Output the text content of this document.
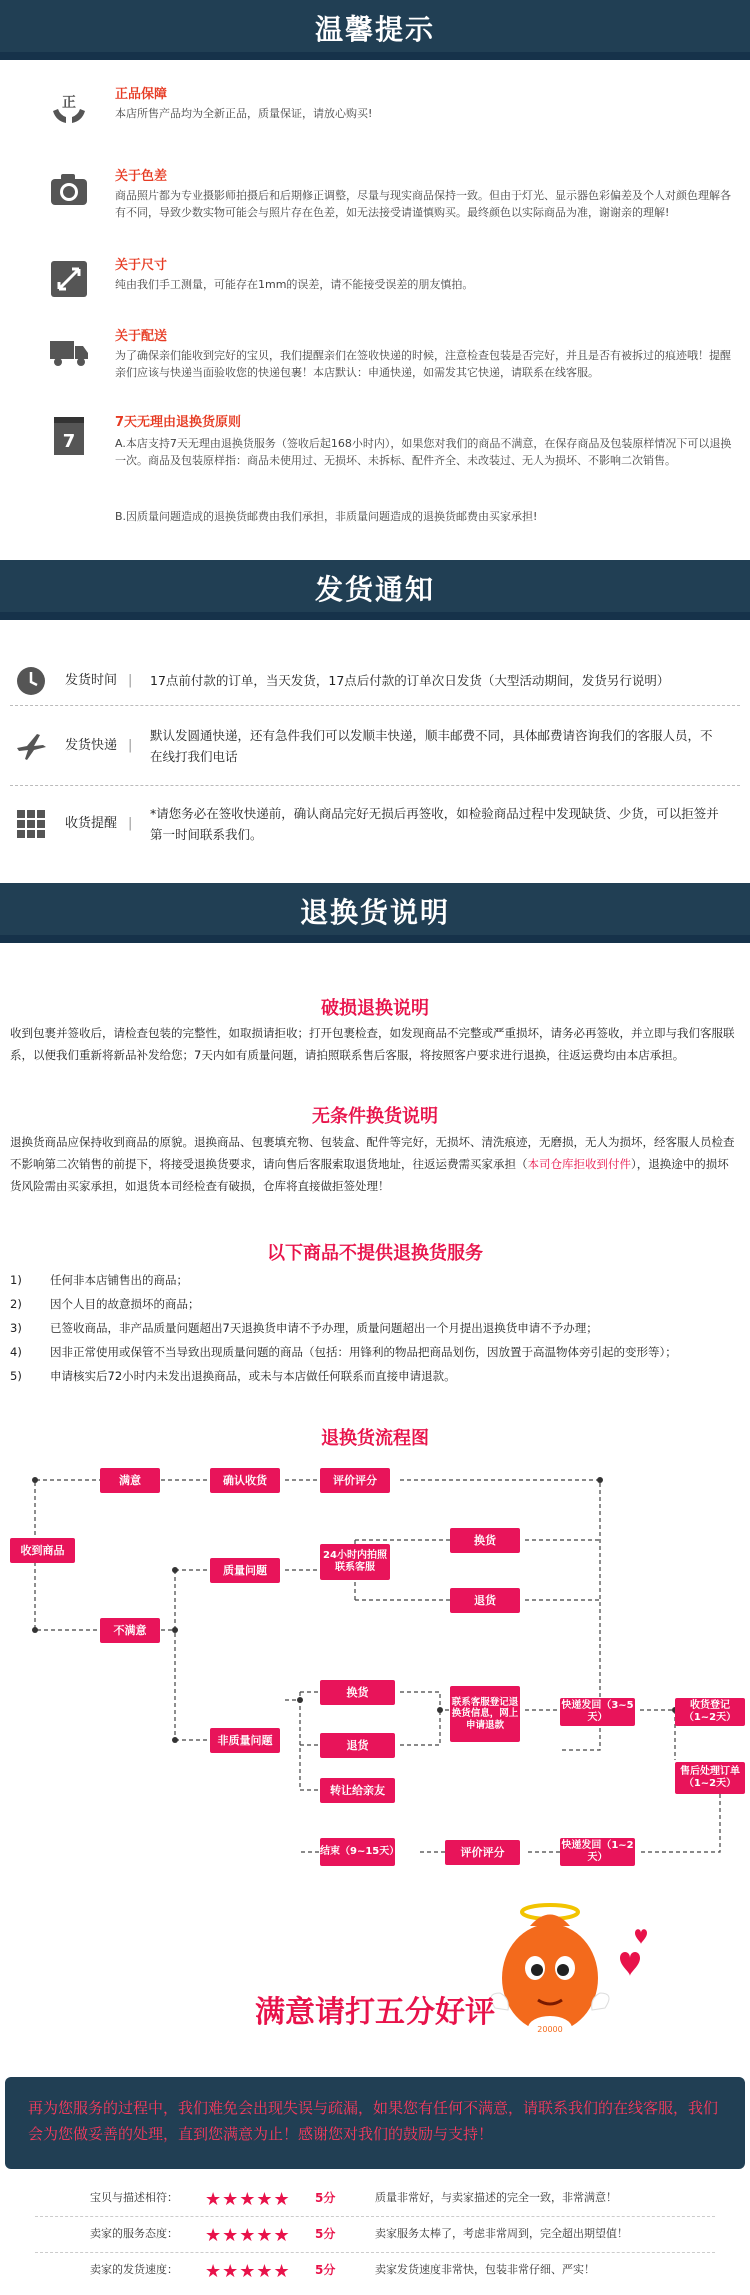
温馨提示
正
正品保障
本店所售产品均为全新正品，质量保证，请放心购买!
关于色差
商品照片都为专业摄影师拍摄后和后期修正调整，尽量与现实商品保持一致。但由于灯光、显示器色彩偏差及个人对颜色理解各有不同，导致少数实物可能会与照片存在色差，如无法接受请谨慎购买。最终颜色以实际商品为准，谢谢亲的理解!
关于尺寸
纯由我们手工测量，可能存在1mm的误差，请不能接受误差的朋友慎拍。
关于配送
为了确保亲们能收到完好的宝贝，我们提醒亲们在签收快递的时候，注意检查包装是否完好，并且是否有被拆过的痕迹哦！提醒亲们应该与快递当面验收您的快递包裹！本店默认：申通快递，如需发其它快递，请联系在线客服。
7
7天无理由退换货原则
A.本店支持7天无理由退换货服务（签收后起168小时内），如果您对我们的商品不满意，在保存商品及包装原样情况下可以退换一次。商品及包装原样指：商品未使用过、无损坏、未拆标、配件齐全、未改装过、无人为损坏、不影响二次销售。
B.因质量问题造成的退换货邮费由我们承担，非质量问题造成的退换货邮费由买家承担!
发货通知
发货时间 | 17点前付款的订单，当天发货，17点后付款的订单次日发货（大型活动期间，发货另行说明）
发货快递 |
默认发圆通快递，还有急件我们可以发顺丰快递，顺丰邮费不同，具体邮费请咨询我们的客服人员，不在线打我们电话
收货提醒 |
*请您务必在签收快递前，确认商品完好无损后再签收，如检验商品过程中发现缺货、少货，可以拒签并第一时间联系我们。
退换货说明
破损退换说明
收到包裹并签收后，请检查包装的完整性，如取损请拒收；打开包裹检查，如发现商品不完整或严重损坏，请务必再签收，并立即与我们客服联系，以便我们重新将新品补发给您；7天内如有质量问题，请拍照联系售后客服，将按照客户要求进行退换，往返运费均由本店承担。
无条件换货说明
退换货商品应保持收到商品的原貌。退换商品、包裹填充物、包装盒、配件等完好，无损坏、清洗痕迹，无磨损，无人为损坏，经客服人员检查不影响第二次销售的前提下，将接受退换货要求，请向售后客服索取退货地址，往返运费需买家承担（本司仓库拒收到付件），退换途中的损坏货风险需由买家承担，如退货本司经检查有破损，仓库将直接做拒签处理！
以下商品不提供退换货服务
1) 任何非本店铺售出的商品；
2) 因个人目的故意损坏的商品；
3) 已签收商品，非产品质量问题超出7天退换货申请不予办理，质量问题超出一个月提出退换货申请不予办理；
4) 因非正常使用或保管不当导致出现质量问题的商品（包括：用锋利的物品把商品划伤，因放置于高温物体旁引起的变形等）；
5) 申请核实后72小时内未发出退换商品，或未与本店做任何联系而直接申请退款。
退换货流程图
收到商品
满意	确认收货	评价评分
不满意
质量问题
24小时内拍照联系客服
换货
退货
非质量问题
换货
退货
转让给亲友
联系客服登记退换货信息，网上申请退款
快递发回（3~5天）
收货登记（1~2天）
售后处理订单（1~2天）
快递发回（1~2天）
评价评分
结束（9~15天）
20000
满意请打五分好评
再为您服务的过程中，我们难免会出现失误与疏漏，如果您有任何不满意，请联系我们的在线客服，我们会为您做妥善的处理，直到您满意为止！感谢您对我们的鼓励与支持！
宝贝与描述相符： ★★★★★ 5分	质量非常好，与卖家描述的完全一致，非常满意！
卖家的服务态度： ★★★★★ 5分	卖家服务太棒了，考虑非常周到，完全超出期望值！
卖家的发货速度： ★★★★★ 5分	卖家发货速度非常快，包装非常仔细、严实！
